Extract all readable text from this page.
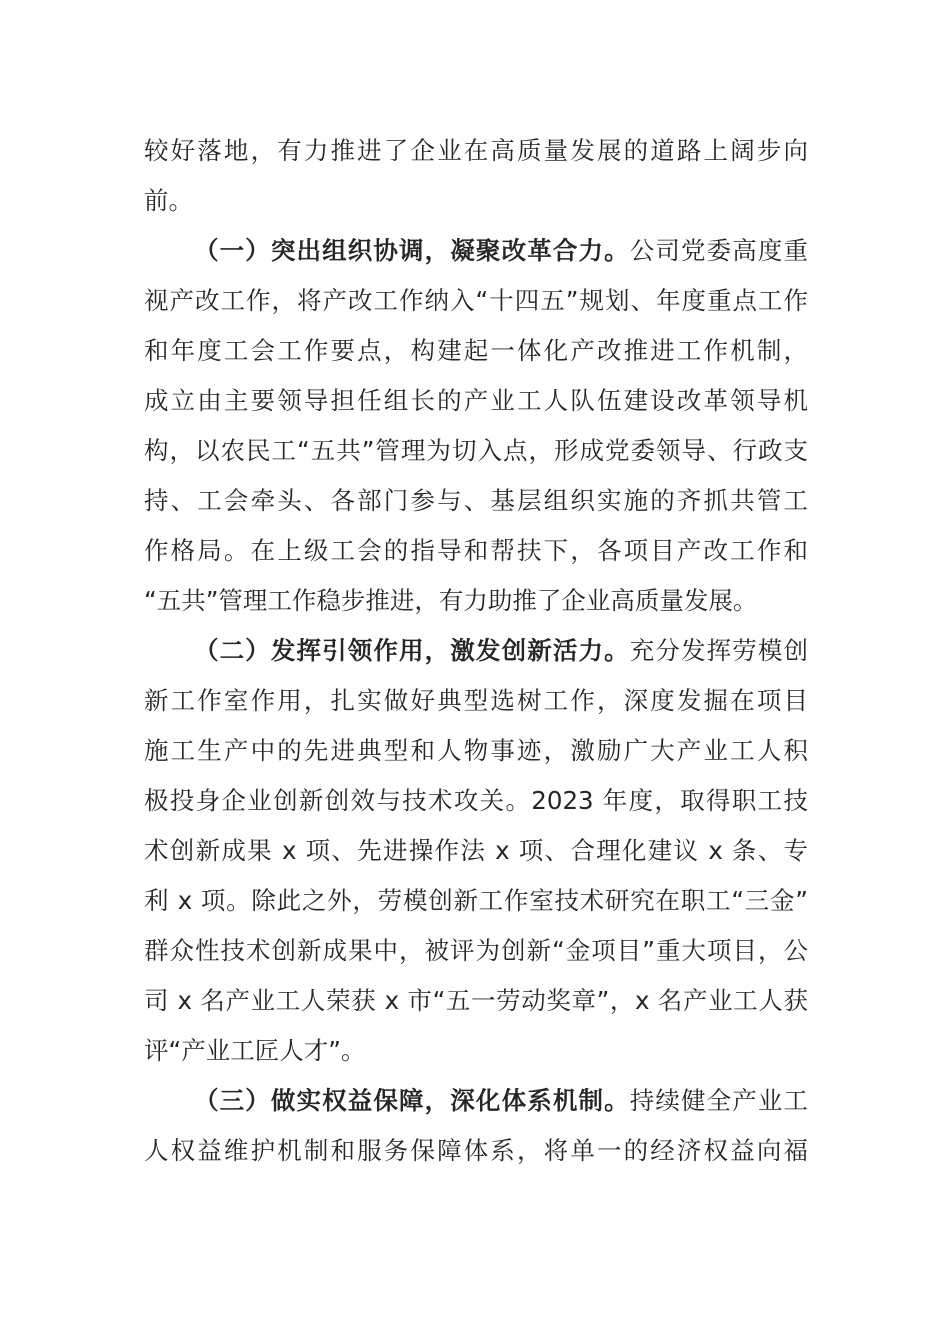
较好落地，有力推进了企业在高质量发展的道路上阔步向
前。
（一）突出组织协调，凝聚改革合力。公司党委高度重
视产改工作，将产改工作纳入“十四五”规划、年度重点工作
和年度工会工作要点，构建起一体化产改推进工作机制，
成立由主要领导担任组长的产业工人队伍建设改革领导机
构，以农民工“五共”管理为切入点，形成党委领导、行政支
持、工会牵头、各部门参与、基层组织实施的齐抓共管工
作格局。在上级工会的指导和帮扶下，各项目产改工作和
“五共”管理工作稳步推进，有力助推了企业高质量发展。
（二）发挥引领作用，激发创新活力。充分发挥劳模创
新工作室作用，扎实做好典型选树工作，深度发掘在项目
施工生产中的先进典型和人物事迹，激励广大产业工人积
极投身企业创新创效与技术攻关。2023 年度，取得职工技
术创新成果 x 项、先进操作法 x 项、合理化建议 x 条、专
利 x 项。除此之外，劳模创新工作室技术研究在职工“三金”
群众性技术创新成果中，被评为创新“金项目”重大项目，公
司 x 名产业工人荣获 x 市“五一劳动奖章”，x 名产业工人获
评“产业工匠人才”。
（三）做实权益保障，深化体系机制。持续健全产业工
人权益维护机制和服务保障体系，将单一的经济权益向福
